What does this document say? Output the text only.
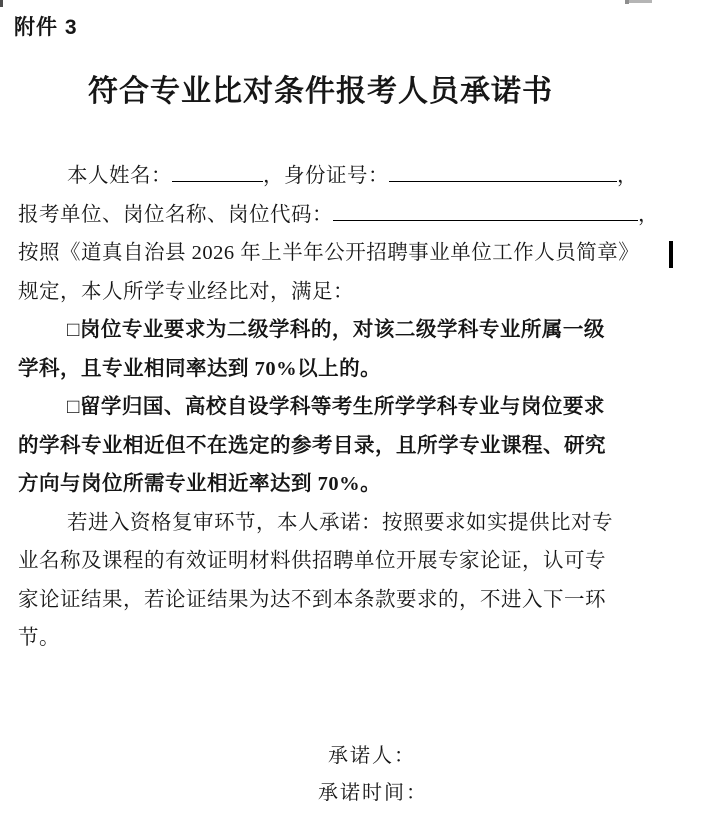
附件 3
符合专业比对条件报考人员承诺书
本人姓名：	，身份证号：	，
报考单位、岗位名称、岗位代码：	，
按照《道真自治县 2026 年上半年公开招聘事业单位工作人员简章》
规定，本人所学专业经比对，满足：
□岗位专业要求为二级学科的，对该二级学科专业所属一级
学科，且专业相同率达到 70%以上的。
□留学归国、高校自设学科等考生所学学科专业与岗位要求
的学科专业相近但不在选定的参考目录，且所学专业课程、研究
方向与岗位所需专业相近率达到 70%。
若进入资格复审环节，本人承诺：按照要求如实提供比对专
业名称及课程的有效证明材料供招聘单位开展专家论证，认可专
家论证结果，若论证结果为达不到本条款要求的，不进入下一环
节。
承诺人：
承诺时间：
